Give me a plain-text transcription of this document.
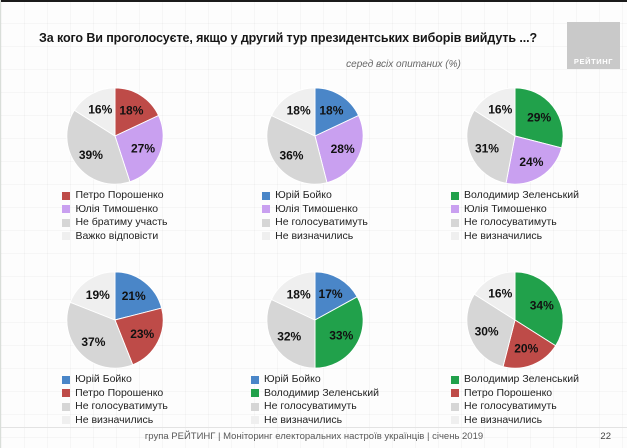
За кого Ви проголосуєте, якщо у другий тур президентських виборів вийдуть ...?
РЕЙТИНГ
серед всіх опитаних (%)
18%
27%
39%
16%
Петро Порошенко
Юлія Тимошенко
Не братиму участь
Важко відповісти
18%
28%
36%
18%
Юрій Бойко
Юлія Тимошенко
Не голосуватимуть
Не визначились
29%
24%
31%
16%
Володимир Зеленський
Юлія Тимошенко
Не голосуватимуть
Не визначились
21%
23%
37%
19%
Юрій Бойко
Петро Порошенко
Не голосуватимуть
Не визначились
17%
33%
32%
18%
Юрій Бойко
Володимир Зеленський
Не голосуватимуть
Не визначились
34%
20%
30%
16%
Володимир Зеленський
Петро Порошенко
Не голосуватимуть
Не визначились
група РЕЙТИНГ | Моніторинг електоральних настроїв українців | січень 2019	22
